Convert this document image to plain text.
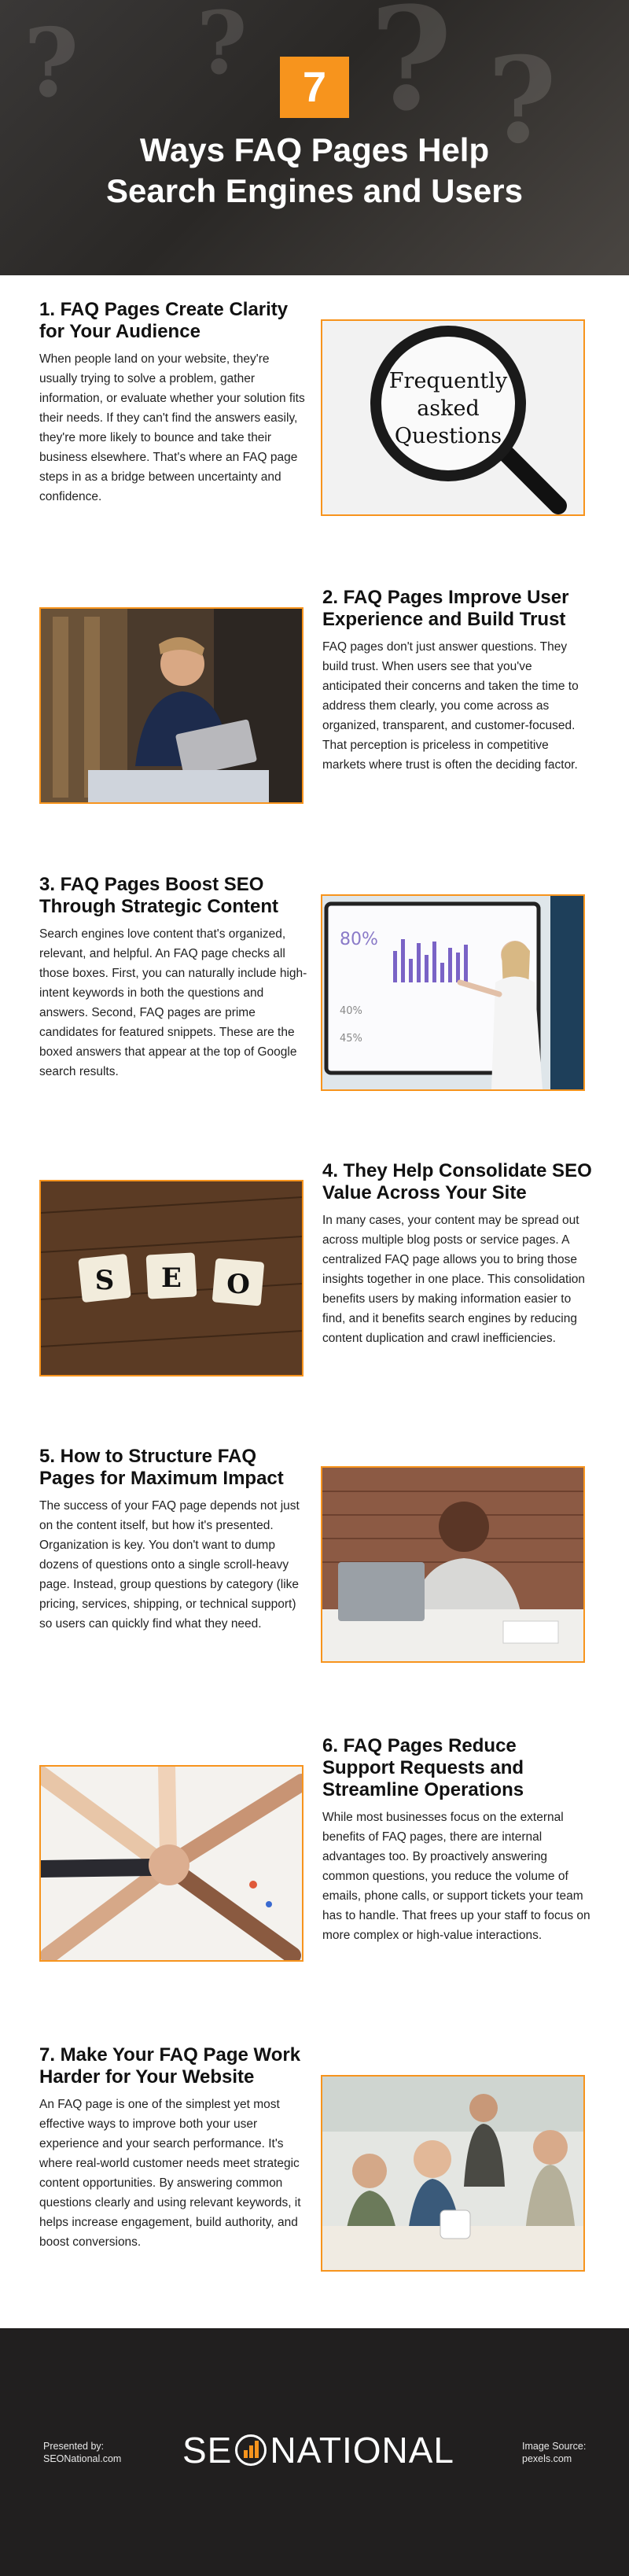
? ? ?
?	7
Ways FAQ Pages Help
Search Engines and Users
1. FAQ Pages Create Clarity for Your Audience

When people land on your website, they're usually trying to solve a problem, gather information, or evaluate whether your solution fits their needs. If they can't find the answers easily, they're more likely to bounce and take their business elsewhere. That's where an FAQ page steps in as a bridge between uncertainty and confidence.

Frequently
asked
Questions
2. FAQ Pages Improve User Experience and Build Trust

FAQ pages don't just answer questions. They build trust. When users see that you've anticipated their concerns and taken the time to address them clearly, you come across as organized, transparent, and customer-focused. That perception is priceless in competitive markets where trust is often the deciding factor.

3. FAQ Pages Boost SEO Through Strategic Content

Search engines love content that's organized, relevant, and helpful. An FAQ page checks all those boxes. First, you can naturally include high-intent keywords in both the questions and answers. Second, FAQ pages are prime candidates for featured snippets. These are the boxed answers that appear at the top of Google search results.

80%
40%
45%
S E O
4. They Help Consolidate SEO Value Across Your Site

In many cases, your content may be spread out across multiple blog posts or service pages. A centralized FAQ page allows you to bring those insights together in one place. This consolidation benefits users by making information easier to find, and it benefits search engines by reducing content duplication and crawl inefficiencies.

5. How to Structure FAQ Pages for Maximum Impact

The success of your FAQ page depends not just on the content itself, but how it's presented. Organization is key. You don't want to dump dozens of questions onto a single scroll-heavy page. Instead, group questions by category (like pricing, services, shipping, or technical support) so users can quickly find what they need.

6. FAQ Pages Reduce Support Requests and Streamline Operations

While most businesses focus on the external benefits of FAQ pages, there are internal advantages too. By proactively answering common questions, you reduce the volume of emails, phone calls, or support tickets your team has to handle. That frees up your staff to focus on more complex or high-value interactions.

7. Make Your FAQ Page Work Harder for Your Website

An FAQ page is one of the simplest yet most effective ways to improve both your user experience and your search performance. It's where real-world customer needs meet strategic content opportunities. By answering common questions clearly and using relevant keywords, it helps increase engagement, build authority, and boost conversions.

Presented by:
SEONational.com SE NATIONAL	Image Source:
pexels.com
